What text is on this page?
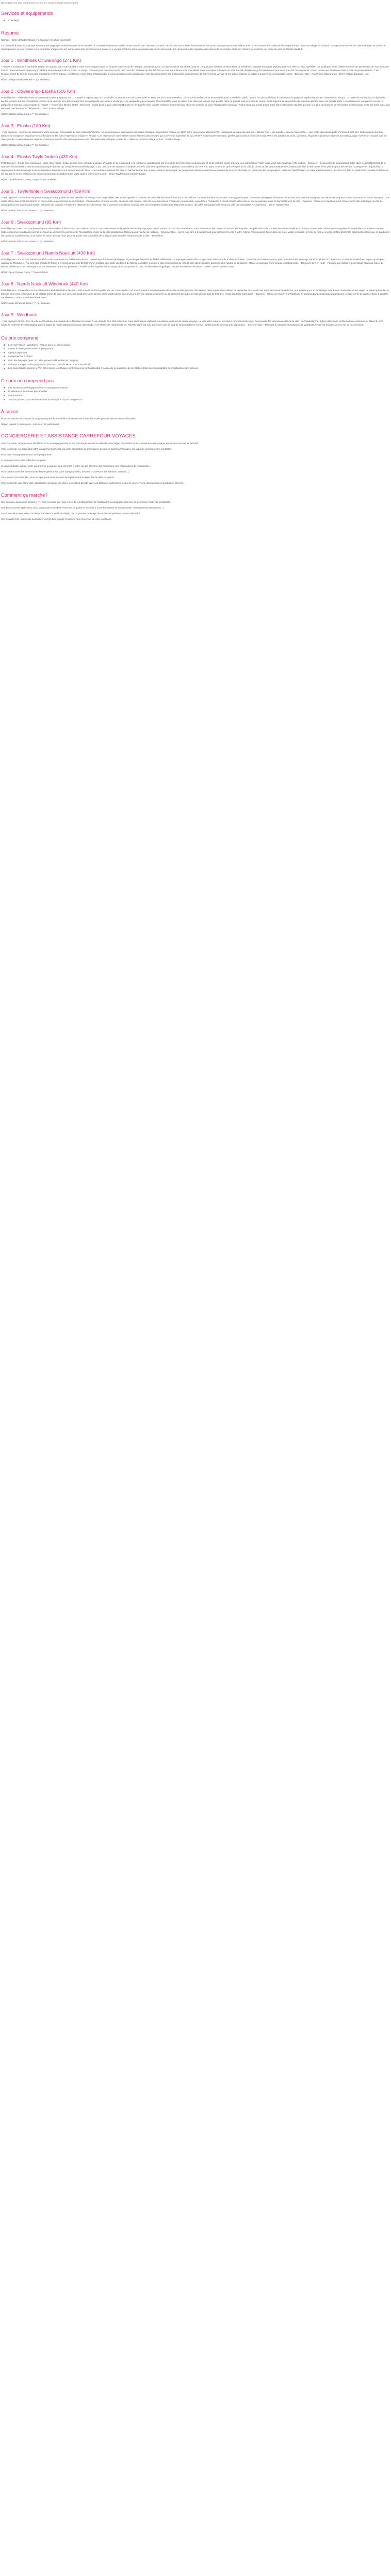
Description Ce prix comprend / Ce prix ne comprend pas Conciergerie
Services et équipements
Concierge
Résumé

Namibie - Entre désert mythique, vie sauvage et culture ancestrale

Ce circuit de 8 nuits vous plonge au coeur des paysages emblématiques de la Namibie. À combiner l'observation de la faune dans le parc national d'Etosha, réputé pour ses scènes étonnantes et ses points d'eau propices aux safaris, avec la découverte des traditions du peuple Himba dans une village reconstitué. Vous poursuivrez vers la côte atlantique et la ville de Swakopmund, où une croisière vous permettra d'approcher les otaries dans leur environnement naturel. Le voyage s'achève dans la somptueuse désert du Namib, à la découverte des majestueuses dunes de Sossusvlei et de son célèbre lac asséché, au coeur du parc du Namib-Naukluft.

Jour 1 : Windhoek Otjiwarongo (271 Km)

- Accueil et assistance à l'aéroport. Départ en autocar avec votre guide). Il vous accompagnera tout au long de votre circuit de l'aéroport Windhoek (Jour 1) à l'aéroport de Windhoek (Jour 9) - À quelques dizaines de kilomètres de Windhoek, la petite bourgade d'Okahandja vous offre un stop agréable. Les boutiques de la célèbre sont en vue permettent de vous délasser tout en ordonnant avec beaucoup d'habileté avant de reprendre la route. Le Lodge, construit pour concerter sur la petit nord de l'artisanal qui but fait face et dont les artisans sont spécialisés dans le sculpture d'objets en bois. La ville d'Otjiwarongo fut initialement une base pour les missionnaires, et son histoire est étroitement liée à celle du peuple Herero. C'est l'emplacement de l'un de leurs plus importants centres tribaux. À l'intérieur et à la sortie d'Okahandja, les deux petits marchés artisanaux, sont des lieux prisés par les touristes en recherche de souvenirs de voyage et les achats réalisés ici aident à soutenir la communauté locale. - Déjeuner libre - Route pour Otjiwarongo - Dîner: Village Boutique Hôtel

Hôtel : Village Boutique Hotel *** (ou similaire)

Jour 2 : Otjiwarongo Etosha (505 Km)

Petit déjeuner - Visite du centre de conservation des guépards, le C.C.F. Basé à Otjiwarongo, le « Cheetah Conservation Fund » a été créé en 1990 par le Dr. Laurie Marker. Ce centre de recherche et de sensibilisation accueille le public dans le but de sensibiliser à la situation du guépard, espèce hautement menacée en Afrique. La partie de leur habitat, la répression par les fermiers sur les considérant comme de la vermine et le braconnage font des guépards une espèce en danger. Les guépards qui ne peuvent être réhabilités dans la nature pour diverses raisons sont gardés dans de grands enclos à côté du centre. Belle opportunité de prendre de superbes photos avec ces grands félins. L'établissement tout pour la course, le guépard est l'animal le plus rapide au monde ! - Route pour Etosha (3:00) - Déjeuner - Safari dans le parc national d'Etosha en fin d'après-midi. Un des meilleurs moments pour observer la faune du parc est quand les animaux rendez-vous aux points d'eau. C'est dans cette partie du parc que l'on a le plus de chances de rencontrer les rhinocéros noirs, les lions, ainsi que de furtes concentrations d'éléphants. - Dîner: Etosha Village

Hôtel : Etosha Village Lodge *** (ou similaire)

Jour 3 : Etosha (180 Km)

- Petit déjeuner - Journée de safari dans votre véhicule. Découverte du parc national d'Etosha, l'un des principaux sanctuaires animaliers d'Afrique, et proclamé réserve en 1907 par le gouverneur allemand Von Lindequist. Le cœur du parc est « Etosha Pan », qui signifie « lieu de l'eau sèche », une vaste dépression plate d'environ 5 000 km². Cette grande étendue blanche au mirages et truqueuse se confondant en fait avec l'expérience unique en Afrique ! 144 espèces de mammifères sont présentes dans ce parc qui couvre une superficie de 22 270 km². Cette locale éléphants, girafes, gnous bleus, rhinocéros noir. Parmi les prédateurs, lions, guépards, léopards et plusieurs espèces de chat sauvage. Hyènes et chacals sont les charognards. Il existe diverses espèces d'antilopes dont le rôle est majestueuse à la plus petite des antilopes, le dik-dik. - Déjeuner : Etosha Village - Dîner : Etosha Village

Hôtel : Etosha Village Lodge *** (ou similaire)

Jour 4 : Etosha Twyfelfontein (435 Km)

Petit déjeuner - Route pour Kamanjab - Visite d'un village Himba, peuple semi-nomade originaire d'Angola et du Kaokoland. Les Himba se caractérisent par leur allure très fière, leurs peaux rouge et leurs coiffures ayant chacune une signification. Votre guide vous initiera à toute cette culture. - Déjeuner - Découverte du Damaraland, Situé dans le quart Nord-Est de la Namibie, le Damaraland doit son nom au peuple damara qui compose l'essentiel du pays. C'est une zone de transition, inhabitée, entre la côte des squelettes et le plateau broussailleux du centre du pays. À mesure qu'il s'éloigne de la côte, le climat se fait plus probablement, laissant derrière lui les dunes et les plaines pour des roches montagnes et. Aujourd'hui, la région n'est le dernier refuge où l'on vit quelque rhinocéros noir et éléphants du désert. Ces animaux survivent le plus en harmonie pour leur source. Visite et des peuple, le Damaraland révèle de nombreux témoins de la roche et révèle (ou gravures) des des peuples - Visite de Twyfelfontein, au cœur du Damaraland, inscrit sur la liste du patrimoine mondial de l'Unesco. Ce site gravé et ses centaines de gravures rupestres constituent une vaste galerie d'art à ciel ouvert. - Dîner: Twyfelfontein Country Lodge

Hôtel : Twyfelfontein Country Lodge *** (ou similaire)

Jour 5 : Twyfelfontein Swakopmund (439 Km)

- Petit déjeuner - Visite d'un site paléontologique remarquable, la forêt pétrifiée, lui le long d'une large vallée, des arbres appelés Cordaites, de la famille des Pins, furent il y a 125 millions d'années étendus durant des crues gigantesques. Provenant de régions lointaines ces arbres, dont certains atteignent 30 mètres de longueur et sont convertis en pierre. Marques d'une vallée et leur bois s'est transformé en pierre grâce au processus de silicification - Continuation vers Uis. La ville, ancienne ville minière, doit son nom au minerai d'étain qui y était extrait. Aujourd'hui, l'extraction a cessé mais la ville reste un lieu de passage entre le Damaraland et la côte. - Déjeuner - Route vers Swakopmund. Située sur la côte atlantique, la ville de Swakopmund est la principale station balnéaire de Namibie. Fondée en 1892 par les Allemands, elle a conservé un charme colonial. Ses rues élégantes bordées de bâtiments anciens, de cafés et boutiques donnent à la ville une atmosphère européenne. - Dîner: Atlantic Villa

Hôtel : Atlantic Villa Guest House *** (ou similaire)

Jour 6 : Swakopmund (95 Km)

Petit déjeuner 07H00 - Embarquement pour une croisière à destination de « Pelican Point ». Les eaux calmes du lagon de Walvis Bay regorgent de vie marine. À bord de votre bateau, vous observerez les otaries à fourrure, les dauphins, les pélicans et de nombreuses autres espèces d'oiseaux marins. Des huîtres accompagnées de vin pétillant vous seront servies. Cette expérience inoubliable permet à chacun de découvrir la richesse de l'écosystème marin de la côte namibienne. Retour au port en fin de matinée. - Déjeuner libre - Après-midi libre à Swakopmund pour découvrir la ville à votre rythme. Vous pourrez flâner dans les rues, visiter le musée, le front de mer ou encore profiter d'activités optionnelles telles que le quad dans les dunes, le sandboarding ou le survol en avion. Le soir, vous pourrez goûter aux spécialités de la région dans l'un des restaurants de la ville. - Dîner libre

Hôtel : Atlantic Villa Guest House *** (ou similaire)

Jour 7 : Swakopmund Namib Naukluft (430 Km)

Petit déjeuner - Route pour Namib-Naukluft - Découverte de la « Vallée de la lune », une étrange formation géologique façonnée par l'érosion au fil des millénaires. Le paysage lunaire offre un spectacle saisissant de roches sculptées. Traversée du Kuiseb Canyon, puis du Gaub Pass. Passage par le Tropique du Capricorne. Le Namib-Naukluft est le plus grand parc national de Namibie, et l'un des plus grands d'Afrique. Il s'étend sur près de 50 000 km² et englobe une partie du désert du Namib, considéré comme le plus vieux désert du monde. Ses dunes rouges, parmi les plus hautes de la planète, offrent un paysage d'une beauté exceptionnelle. - Déjeuner libre en route - Passage par Solitaire, petit village perdu au milieu du désert, célèbre pour sa boulangerie et ses fameuses tartes aux pommes. - Arrivée en fin d'après-midi au lodge, situé aux portes du parc. Profitez d'un magnifique coucher de soleil sur le désert. - Dîner: Desert Quiver Camp

Hôtel : Desert Quiver Camp *** (ou similaire)

Jour 8 : Namib Naukluft Windhoek (440 Km)

Petit déjeuner - Entrée dans le Parc National Namib Naukluft à Sesriem - Découverte de l'incroyable site de « Sossusvlei » où vous trouverez les plus hautes dunes du monde (plus de 300 mètres) dans le plus vieux désert de la planète ! Le Namib est aussi la mouvance de l'ocre, une palette qui a un fantastique aux dunes constituées d'une vague de sable qui évolue en fonction des vents. Ascension de la célèbre Dune 45 pour une vue époustouflante sur le désert. Visite du Deadvlei, une ancienne cuvette argileuse blanche où se dressent des arbres morts depuis plus de 900 ans, créant un décor surréaliste. - Déjeuner - Route de retour vers Windhoek en passant par des paysages grandioses. Arrivée en fin de journée dans la capitale namibienne. - Dîner: Avani Windhoek Hotel

Hôtel : Avani Windhoek Hotel **** (ou similaire)

Jour 9 : Windhoek

- Petit déjeuner 08:30 - Tour de ville de Windhoek. La capitale de la Namibie se trouve à une altitude de 1 654 mètres au cœur du Khomas Highland, un plateau vallonné du centre du pays. La ville est le cœur et le moteur commercial du pays. Découverte des principaux sites de la ville : la Christuskirche, église luthérienne emblématique construite au début du XXe siècle, le Parlement (Tintenpalast), ancien palais de l'administration coloniale allemande, et le Musée de l'Indépendance. Flânerie dans les rues du centre-ville, le long de l'Independence Avenue, et découverte des marchés artisanaux. - Déjeuner libre - Transfert à l'aéroport international de Windhoek selon vos horaires de vol. Fin de nos services.

Ce prix comprend
Les vols France - Windhoek - France avec ou sans escales
8 nuits d'hébergement selon le programme
8 petits déjeuners
6 déjeuners et 7 dîners
Parc des bagages (avec un hébergement indépendant et camping)
Guide et transport selon programme (du Jour 1 Windhoek au Jour 9 Windhoek)
Les taxes locales comme la TVA et les taxes touristiques sont inclues au tarif applicable à la date de la réalisation de la cotation. Elles sont susceptibles de modification sans préavis
Ce prix ne comprend pas
Les excédents de bagages selon la compagnie aérienne
Pourboires et dépenses personnelles
Les boissons
Tout ce qui n'est pas mentionné dans la rubrique « Ce prix comprend »
À savoir

Pour des raisons techniques, le programme peut être modifié ou inversé mais toutes les visites prévues seront toutes effectuées.

Départ garanti 2 participants - maximum 16 participants

CONCIERGERIE ET ASSISTANCE CARREFOUR VOYAGES

Avec Carrefour Voyages vous bénéficiez d'un accompagnement et nos concierges depuis la veille de votre départ et pendant toute la durée de votre voyage, un service innovant et exclusif.

Votre concierge est disponible 24/7, uniquement par chat, via votre application de messagerie sécurisée Carrefour Voyages, sur laquelle vous pouvez le contacter :

Pour tous renseignements sur votre programme

Si vous rencontrez des difficultés sur place

Si vous souhaitez ajouter votre programme ou ajouter des éléments à votre voyage (comme des excursions, des réservations de restaurants...)

Pour obtenir avoir des informations d'ordre général sur votre voyage (météo, horaires d'ouverture des services, conseils...)

Vous pouvez par exemple, vous occuper pour vous, de votre enregistrement en ligne dès la veille du départ

Votre concierge que alors votre interlocuteur privilégié sur place, en relation directe avec nos différents partenaires locaux et nos services commerciaux et production internes.

Comment ça marche?

Une semaine avant votre départ (J-7), vous recevrez par mail, le lien de téléchargement de l'application accompagné d'un lien de connexion et de vos identifiants.

Une fois connecté après deux clics, vous pourrez modifier votre mot de passe et accéder à vos informations de voyage (vols, hébergements, documents...)

La conversation avec votre concierge s'activera la veille du départ par un premier message de sa part auquel vous pourrez répondre.

Une nouvelle fois, nous vous souhaitons un très bon voyage et laissez-vous remercier de votre confiance.
